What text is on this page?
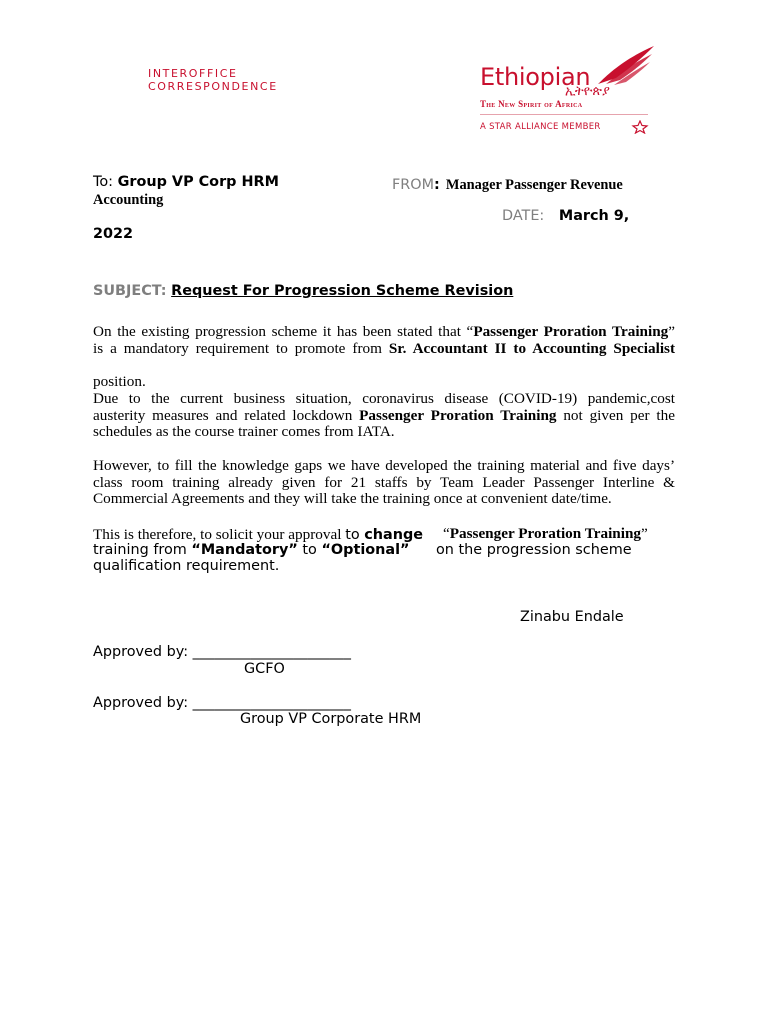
INTEROFFICE
CORRESPONDENCE	Ethiopian
ኢትዮጵያ
The New Spirit of Africa
A STAR ALLIANCE MEMBER
To: Group VP Corp HRM
Accounting
FROM: Manager Passenger Revenue
DATE: March 9,
2022
SUBJECT: Request For Progression Scheme Revision
On the existing progression scheme it has been stated that “Passenger Proration Training”
is a mandatory requirement to promote from Sr. Accountant II to Accounting Specialist
position.
Due to the current business situation, coronavirus disease (COVID-19) pandemic,cost
austerity measures and related lockdown Passenger Proration Training not given per the
schedules as the course trainer comes from IATA.
However, to fill the knowledge gaps we have developed the training material and five days’
class room training already given for 21 staffs by Team Leader Passenger Interline &
Commercial Agreements and they will take the training once at convenient date/time.
This is therefore, to solicit your approval to change “Passenger Proration Training”
training from “Mandatory” to “Optional” on the progression scheme
qualification requirement.
Zinabu Endale
Approved by: ______________________
GCFO
Approved by: ______________________
Group VP Corporate HRM
